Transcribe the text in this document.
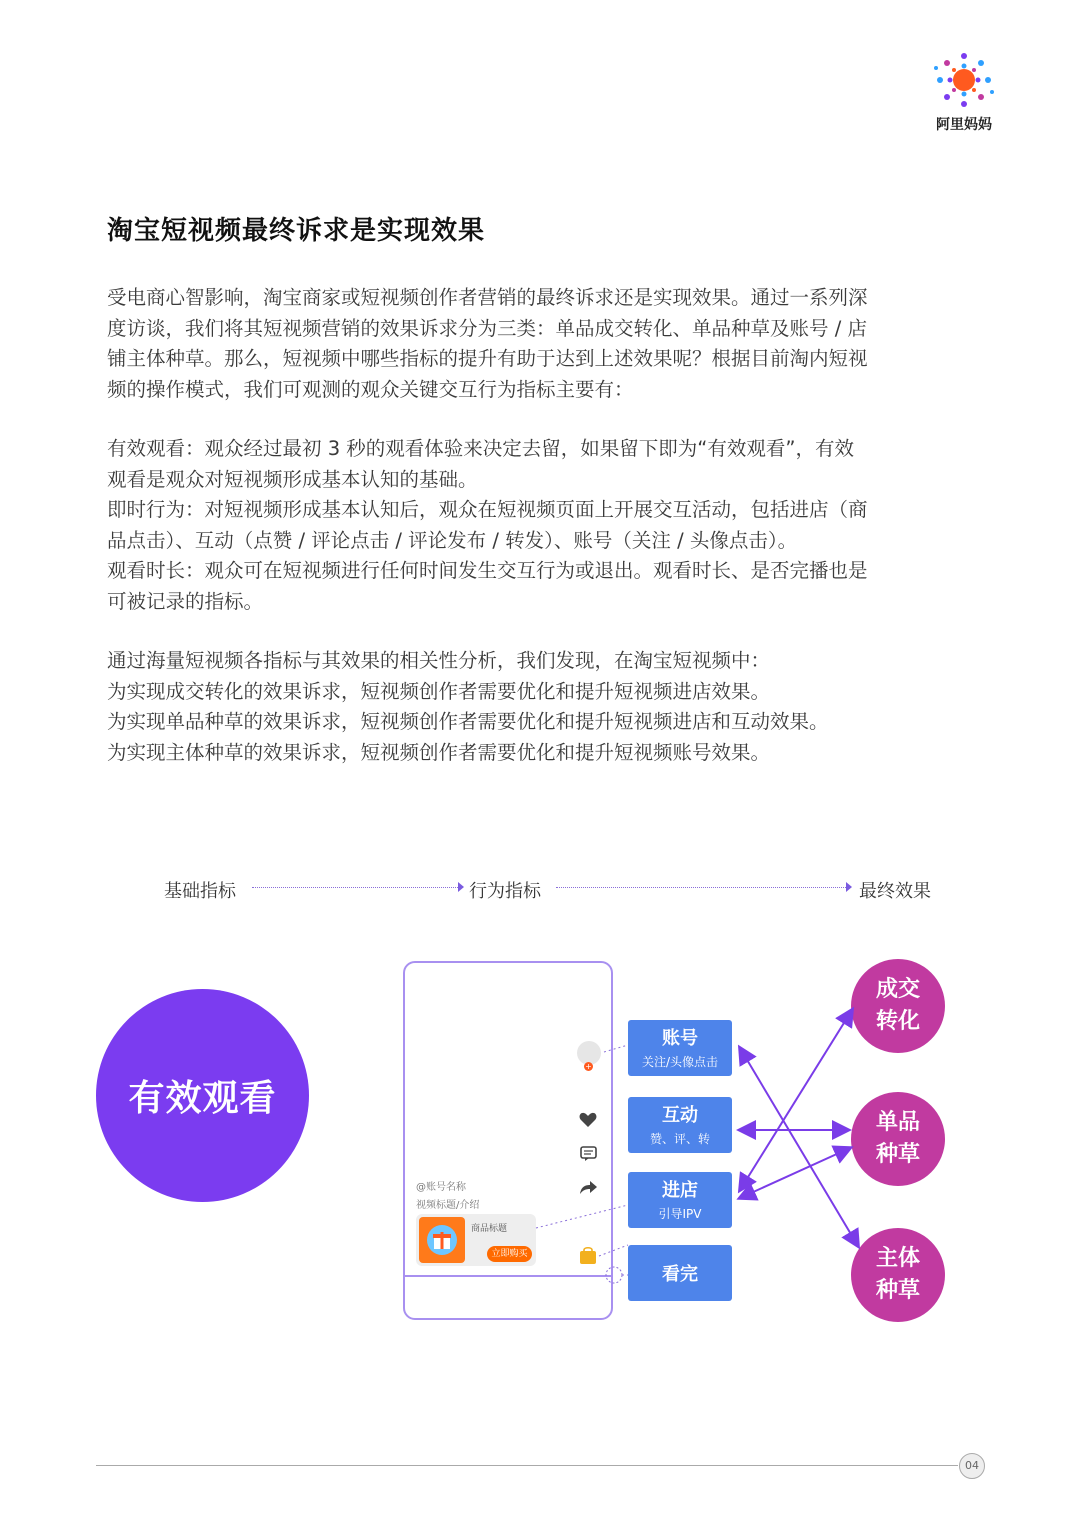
阿里妈妈
淘宝短视频最终诉求是实现效果

受电商心智影响，淘宝商家或短视频创作者营销的最终诉求还是实现效果。通过一系列深

度访谈，我们将其短视频营销的效果诉求分为三类：单品成交转化、单品种草及账号 / 店

铺主体种草。那么，短视频中哪些指标的提升有助于达到上述效果呢？根据目前淘内短视

频的操作模式，我们可观测的观众关键交互行为指标主要有：

有效观看：观众经过最初 3 秒的观看体验来决定去留，如果留下即为“有效观看”，有效

观看是观众对短视频形成基本认知的基础。

即时行为：对短视频形成基本认知后，观众在短视频页面上开展交互活动，包括进店（商

品点击）、互动（点赞 / 评论点击 / 评论发布 / 转发）、账号（关注 / 头像点击）。

观看时长：观众可在短视频进行任何时间发生交互行为或退出。观看时长、是否完播也是

可被记录的指标。

通过海量短视频各指标与其效果的相关性分析，我们发现，在淘宝短视频中：

为实现成交转化的效果诉求，短视频创作者需要优化和提升短视频进店效果。

为实现单品种草的效果诉求，短视频创作者需要优化和提升短视频进店和互动效果。

为实现主体种草的效果诉求，短视频创作者需要优化和提升短视频账号效果。

基础指标	行为指标	最终效果
有效观看
+
@账号名称
视频标题/介绍
商品标题
立即购买
账号
关注/头像点击
互动
赞、评、转
进店
引导IPV
看完
成交
转化
单品
种草
主体
种草
04
